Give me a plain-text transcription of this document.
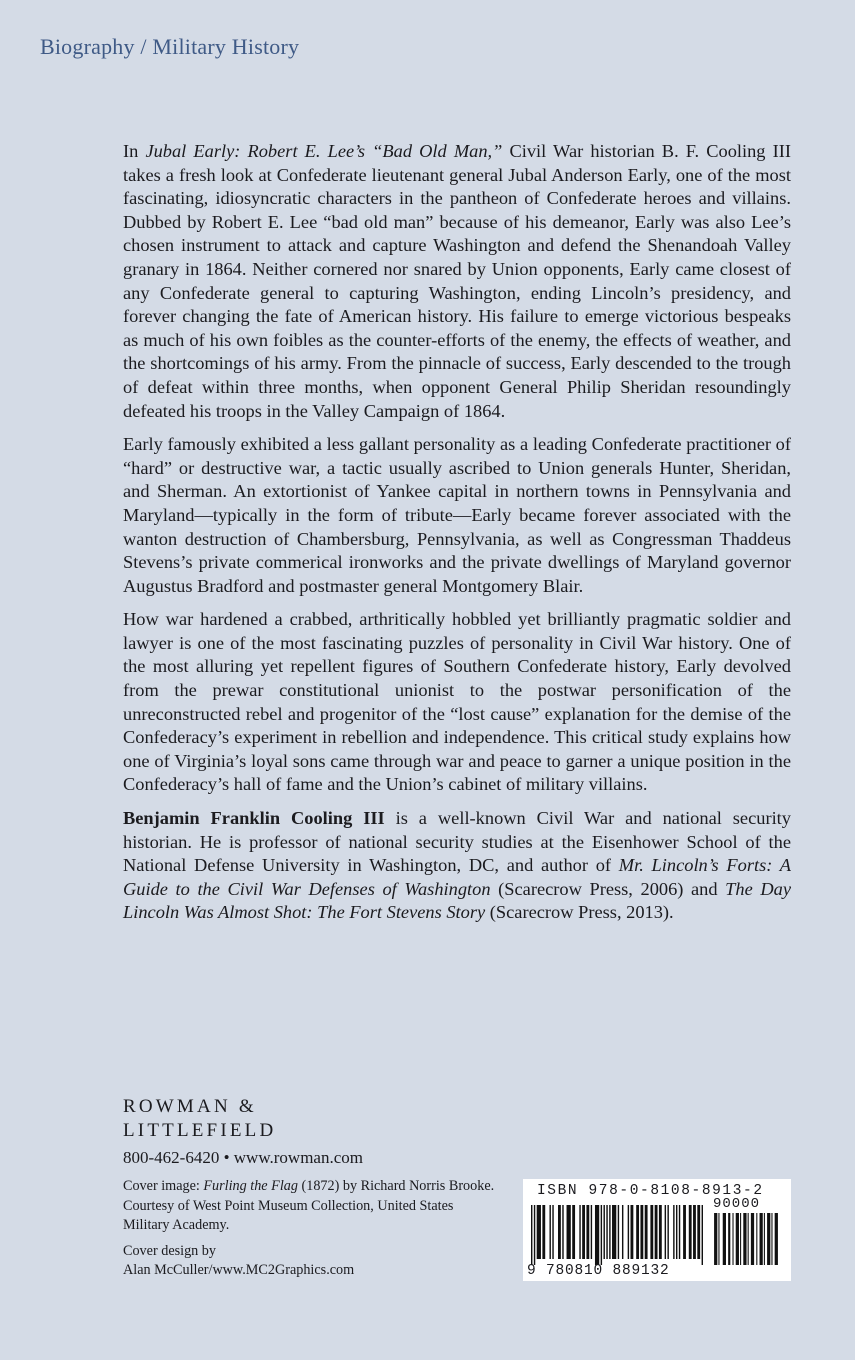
Biography / Military History

In Jubal Early: Robert E. Lee’s “Bad Old Man,” Civil War historian B. F. Cooling III takes a fresh look at Confederate lieutenant general Jubal Anderson Early, one of the most fascinating, idiosyncratic characters in the pantheon of Confederate heroes and villains. Dubbed by Robert E. Lee “bad old man” because of his demeanor, Early was also Lee’s chosen instrument to attack and capture Washington and defend the Shenandoah Valley granary in 1864. Neither cornered nor snared by Union opponents, Early came closest of any Confederate general to capturing Washington, ending Lincoln’s presidency, and forever changing the fate of American history. His failure to emerge victorious bespeaks as much of his own foibles as the counter-efforts of the enemy, the effects of weather, and the shortcomings of his army. From the pinnacle of success, Early descended to the trough of defeat within three months, when opponent General Philip Sheridan resoundingly defeated his troops in the Valley Campaign of 1864.

Early famously exhibited a less gallant personality as a leading Confederate practitioner of “hard” or destructive war, a tactic usually ascribed to Union generals Hunter, Sheridan, and Sherman. An extortionist of Yankee capital in northern towns in Pennsylvania and Maryland—typically in the form of tribute—Early became forever associated with the wanton destruction of Chambersburg, Pennsylvania, as well as Congressman Thaddeus Stevens’s private commerical ironworks and the private dwellings of Maryland governor Augustus Bradford and postmaster general Montgomery Blair.

How war hardened a crabbed, arthritically hobbled yet brilliantly pragmatic soldier and lawyer is one of the most fascinating puzzles of personality in Civil War history. One of the most alluring yet repellent figures of Southern Confederate history, Early devolved from the prewar constitutional unionist to the postwar personification of the unreconstructed rebel and progenitor of the “lost cause” explanation for the demise of the Confederacy’s experiment in rebellion and independence. This critical study explains how one of Virginia’s loyal sons came through war and peace to garner a unique position in the Confederacy’s hall of fame and the Union’s cabinet of military villains.

Benjamin Franklin Cooling III is a well-known Civil War and national security historian. He is professor of national security studies at the Eisenhower School of the National Defense University in Washington, DC, and author of Mr. Lincoln’s Forts: A Guide to the Civil War Defenses of Washington (Scarecrow Press, 2006) and The Day Lincoln Was Almost Shot: The Fort Stevens Story (Scarecrow Press, 2013).

ROWMAN &
LITTLEFIELD
800-462-6420 • www.rowman.com

Cover image: Furling the Flag (1872) by Richard Norris Brooke. Courtesy of West Point Museum Collection, United States Military Academy.

Cover design by
Alan McCuller/www.MC2Graphics.com

ISBN 978-0-8108-8913-2
90000
9 780810 889132
